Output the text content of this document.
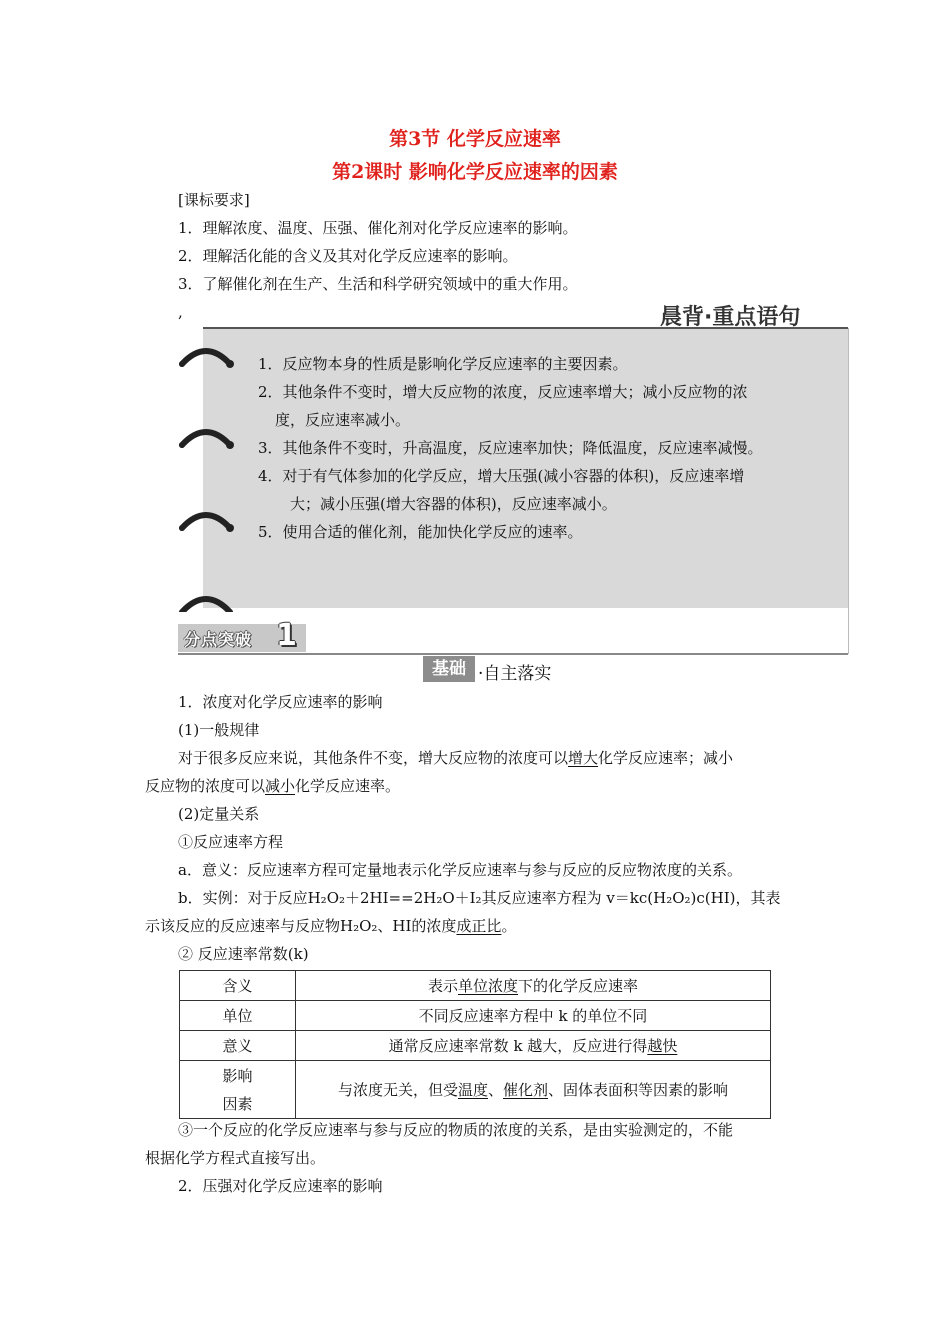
第3节 化学反应速率
第2课时 影响化学反应速率的因素
[课标要求]
1．理解浓度、温度、压强、催化剂对化学反应速率的影响。
2．理解活化能的含义及其对化学反应速率的影响。
3．了解催化剂在生产、生活和科学研究领域中的重大作用。
,	晨背·重点语句
1．反应物本身的性质是影响化学反应速率的主要因素。
2．其他条件不变时，增大反应物的浓度，反应速率增大；减小反应物的浓
度，反应速率减小。
3．其他条件不变时，升高温度，反应速率加快；降低温度，反应速率减慢。
4．对于有气体参加的化学反应，增大压强(减小容器的体积)，反应速率增
大；减小压强(增大容器的体积)，反应速率减小。
5．使用合适的催化剂，能加快化学反应的速率。
分点突破 1
基础 ·自主落实
1．浓度对化学反应速率的影响
(1)一般规律
对于很多反应来说，其他条件不变，增大反应物的浓度可以增大化学反应速率；减小
反应物的浓度可以减小化学反应速率。
(2)定量关系
①反应速率方程
a．意义：反应速率方程可定量地表示化学反应速率与参与反应的反应物浓度的关系。
b．实例：对于反应H₂O₂＋2HI==2H₂O＋I₂其反应速率方程为 v＝kc(H₂O₂)c(HI)，其表
示该反应的反应速率与反应物H₂O₂、HI的浓度成正比。
② 反应速率常数(k)
含义	表示单位浓度下的化学反应速率
单位	不同反应速率方程中 k 的单位不同
意义	通常反应速率常数 k 越大，反应进行得越快
影响
因素	与浓度无关，但受温度、催化剂、固体表面积等因素的影响
③一个反应的化学反应速率与参与反应的物质的浓度的关系，是由实验测定的，不能
根据化学方程式直接写出。
2．压强对化学反应速率的影响
